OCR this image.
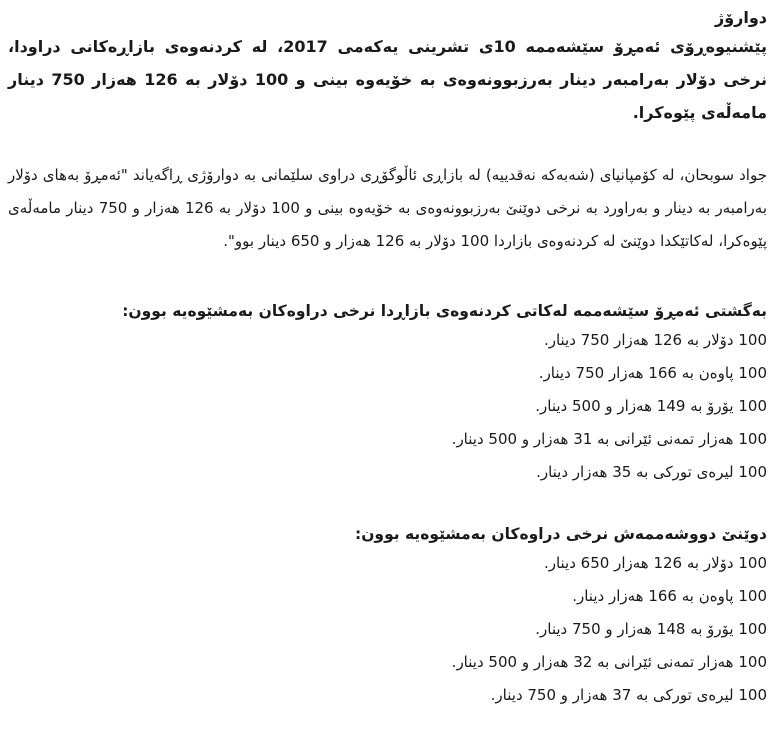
دوارۆژ

پێشنیوەڕۆی ئەمڕۆ سێشەممە 10ی تشرینی یەکەمی 2017، لە کردنەوەی بازاڕەکانی دراودا، نرخی دۆلار بەرامبەر دینار بەرزبوونەوەی بە خۆیەوە بینی و 100 دۆلار بە 126 هەزار 750 دینار مامەڵەی پێوەکرا.

جواد سوبحان، لە کۆمپانیای (شەبەکە نەقدییە) لە بازاڕی ئاڵوگۆڕی دراوی سلێمانی بە دوارۆژی ڕاگەیاند "ئەمڕۆ بەهای دۆلار بەرامبەر بە دینار و بەراورد بە نرخی دوێنێ بەرزبوونەوەی بە خۆیەوە بینی و 100 دۆلار بە 126 هەزار و 750 دینار مامەڵەی پێوەکرا، لەکاتێکدا دوێنێ لە کردنەوەی بازاردا 100 دۆلار بە 126 هەزار و 650 دینار بوو".

بەگشتی ئەمڕۆ سێشەممە لەکاتی کردنەوەی بازاڕدا نرخی دراوەکان بەمشێوەیە بوون:

100 دۆلار بە 126 هەزار 750 دینار.
100 پاوەن بە 166 هەزار 750 دینار.
100 یۆرۆ بە 149 هەزار و 500 دینار.
100 هەزار تمەنی ئێرانی بە 31 هەزار و 500 دینار.
100 لیرەی تورکی بە 35 هەزار دینار.

دوێنێ دووشەممەش نرخی دراوەکان بەمشێوەیە بوون:

100 دۆلار بە 126 هەزار 650 دینار.
100 پاوەن بە 166 هەزار دینار.
100 یۆرۆ بە 148 هەزار و 750 دینار.
100 هەزار تمەنی ئێرانی بە 32 هەزار و 500 دینار.
100 لیرەی تورکی بە 37 هەزار و 750 دینار.
